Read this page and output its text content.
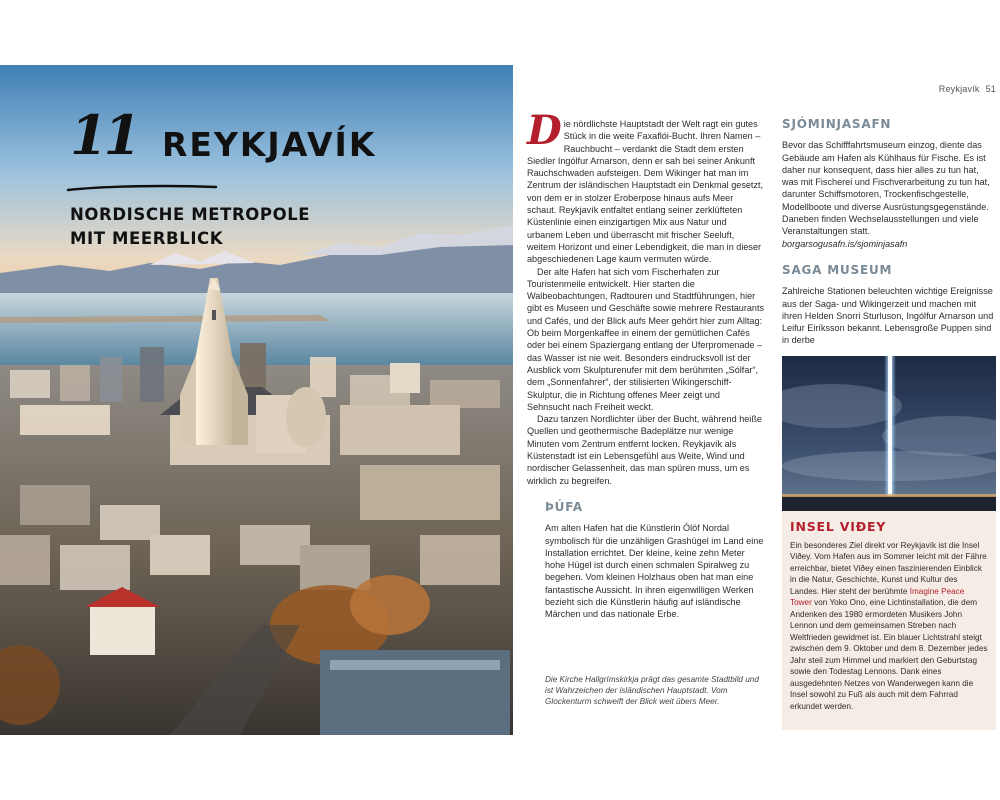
11 REYKJAVÍK
NORDISCHE METROPOLE
MIT MEERBLICK
Reykjavík 51
D ie nördlichste Hauptstadt der Welt ragt ein gutes Stück in die weite Faxaflói-Bucht. Ihren Namen – Rauchbucht – verdankt die Stadt dem ersten Siedler Ingólfur Arnarson, denn er sah bei seiner Ankunft Rauchschwaden aufsteigen. Dem Wikinger hat man im Zentrum der isländischen Hauptstadt ein Denkmal gesetzt, von dem er in stolzer Eroberpose hinaus aufs Meer schaut. Reykjavík entfaltet entlang seiner zerklüfteten Küstenlinie einen einzigartigen Mix aus Natur und urbanem Leben und überrascht mit frischer Seeluft, weitem Horizont und einer Lebendigkeit, die man in dieser abgeschiedenen Lage kaum vermuten würde.

Der alte Hafen hat sich vom Fischerhafen zur Touristenmeile entwickelt. Hier starten die Walbeobachtungen, Radtouren und Stadtführungen, hier gibt es Museen und Geschäfte sowie mehrere Restaurants und Cafés, und der Blick aufs Meer gehört hier zum Alltag: Ob beim Morgenkaffee in einem der gemütlichen Cafés oder bei einem Spaziergang entlang der Uferpromenade – das Wasser ist nie weit. Besonders eindrucksvoll ist der Ausblick vom Skulpturenufer mit dem berühmten „Sólfar“, dem „Sonnenfahrer“, der stilisierten Wikingerschiff-Skulptur, die in Richtung offenes Meer zeigt und Sehnsucht nach Freiheit weckt.

Dazu tanzen Nordlichter über der Bucht, während heiße Quellen und geothermische Badeplätze nur wenige Minuten vom Zentrum entfernt locken. Reykjavík als Küstenstadt ist ein Lebensgefühl aus Weite, Wind und nordischer Gelassenheit, das man spüren muss, um es wirklich zu begreifen.

ÞÚFA

Am alten Hafen hat die Künstlerin Ólöf Nordal symbolisch für die unzähligen Grashügel im Land eine Installation errichtet. Der kleine, keine zehn Meter hohe Hügel ist durch einen schmalen Spiralweg zu begehen. Vom kleinen Holzhaus oben hat man eine fantastische Aussicht. In ihren eigenwilligen Werken bezieht sich die Künstlerin häufig auf isländische Märchen und das nationale Erbe.

Die Kirche Hallgrímskirkja prägt das gesamte Stadtbild und ist Wahrzeichen der isländischen Hauptstadt. Vom Glockenturm schweift der Blick weit übers Meer.
SJÓMINJASAFN

Bevor das Schifffahrtsmuseum einzog, diente das Gebäude am Hafen als Kühlhaus für Fische. Es ist daher nur konsequent, dass hier alles zu tun hat, was mit Fischerei und Fischverarbeitung zu tun hat, darunter Schiffsmotoren, Trockenfischgestelle, Modellboote und diverse Ausrüstungsgegenstände. Daneben finden Wechselausstellungen und viele Veranstaltungen statt. borgarsogusafn.is/sjominjasafn

SAGA MUSEUM

Zahlreiche Stationen beleuchten wichtige Ereignisse aus der Saga- und Wikingerzeit und machen mit ihren Helden Snorri Sturluson, Ingólfur Arnarson und Leifur Eiríksson bekannt. Lebensgroße Puppen sind in derbe

INSEL VIÐEY

Ein besonderes Ziel direkt vor Reykjavík ist die Insel Viðey. Vom Hafen aus im Sommer leicht mit der Fähre erreichbar, bietet Viðey einen faszinierenden Einblick in die Natur, Geschichte, Kunst und Kultur des Landes. Hier steht der berühmte Imagine Peace Tower von Yoko Ono, eine Lichtinstallation, die dem Andenken des 1980 ermordeten Musikers John Lennon und dem gemeinsamen Streben nach Weltfrieden gewidmet ist. Ein blauer Lichtstrahl steigt zwischen dem 9. Oktober und dem 8. Dezember jedes Jahr steil zum Himmel und markiert den Geburtstag sowie den Todestag Lennons. Dank eines ausgedehnten Netzes von Wanderwegen kann die Insel sowohl zu Fuß als auch mit dem Fahrrad erkundet werden.
